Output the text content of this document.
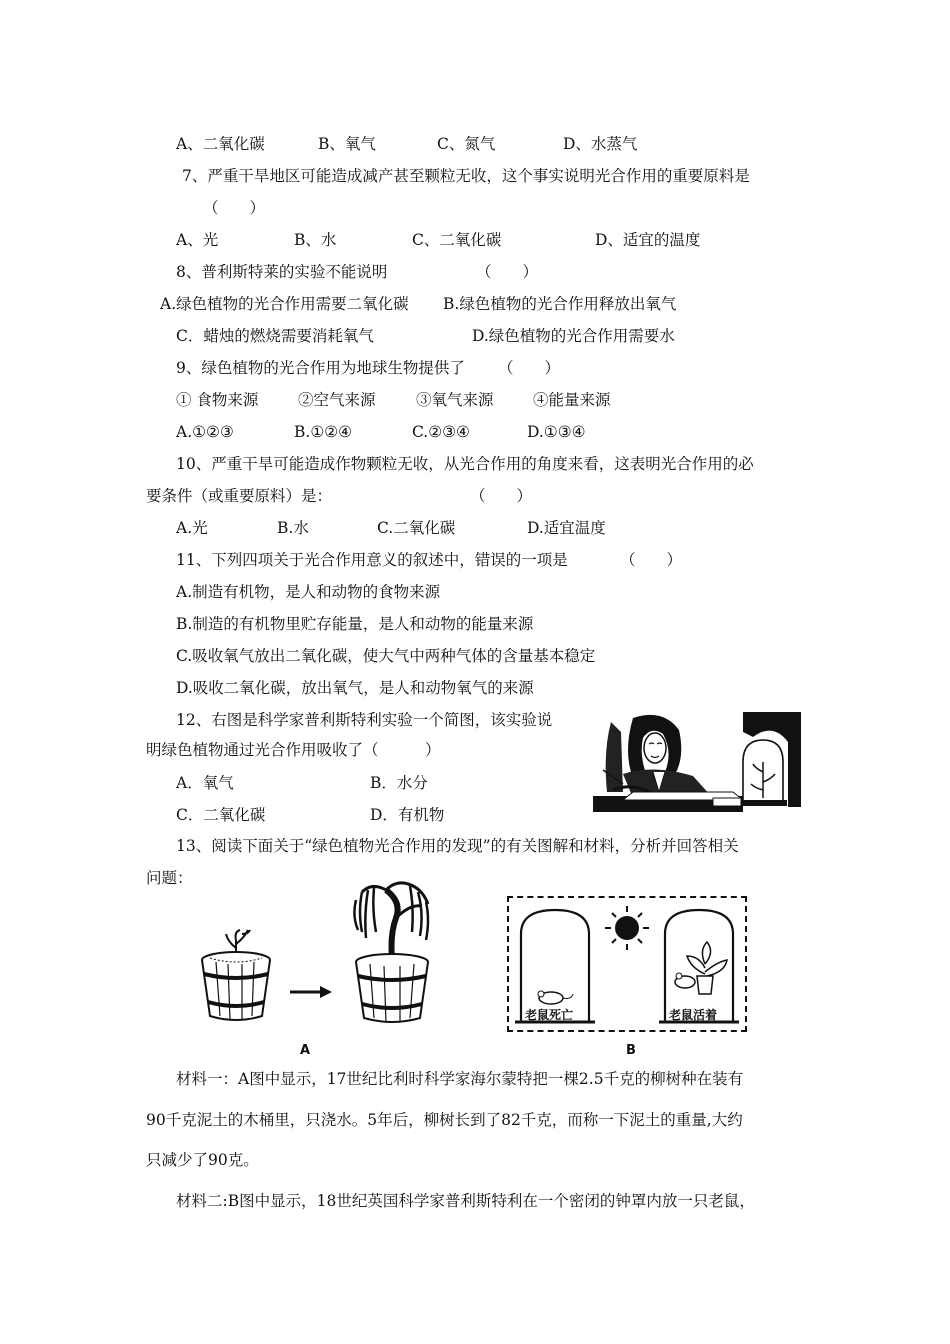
A、二氧化碳	B、氧气	C、氮气	D、水蒸气
7、严重干旱地区可能造成减产甚至颗粒无收，这个事实说明光合作用的重要原料是
（　　）
A、光	B、水	C、二氧化碳	D、适宜的温度
8、普利斯特莱的实验不能说明	（　　）
A.绿色植物的光合作用需要二氧化碳 B.绿色植物的光合作用释放出氧气
C．蜡烛的燃烧需要消耗氧气	D.绿色植物的光合作用需要水
9、绿色植物的光合作用为地球生物提供了 （　　）
① 食物来源	②空气来源	③氧气来源	④能量来源
A.①②③	B.①②④	C.②③④	D.①③④
10、严重干旱可能造成作物颗粒无收，从光合作用的角度来看，这表明光合作用的必
要条件（或重要原料）是：	（　　）
A.光	B.水	C.二氧化碳	D.适宜温度
11、下列四项关于光合作用意义的叙述中，错误的一项是	（　　）
A.制造有机物，是人和动物的食物来源
B.制造的有机物里贮存能量，是人和动物的能量来源
C.吸收氧气放出二氧化碳，使大气中两种气体的含量基本稳定
D.吸收二氧化碳，放出氧气，是人和动物氧气的来源
12、右图是科学家普利斯特利实验一个简图，该实验说
明绿色植物通过光合作用吸收了（　　　）
A．氧气	B．水分
C．二氧化碳	D．有机物
13、阅读下面关于“绿色植物光合作用的发现”的有关图解和材料，分析并回答相关
问题：
A
老鼠死亡	老鼠活着
B
材料一：A图中显示，17世纪比利时科学家海尔蒙特把一棵2.5千克的柳树种在装有
90千克泥土的木桶里，只浇水。5年后，柳树长到了82千克，而称一下泥土的重量,大约
只减少了90克。
材料二:B图中显示，18世纪英国科学家普利斯特利在一个密闭的钟罩内放一只老鼠，
